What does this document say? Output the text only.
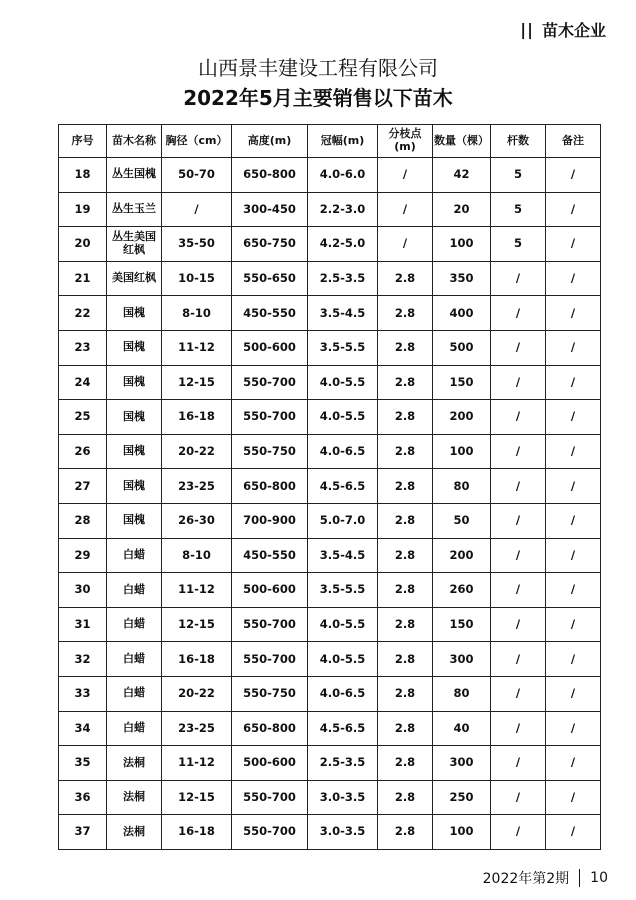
|| 苗木企业
山西景丰建设工程有限公司
2022年5月主要销售以下苗木
序号	苗木名称	胸径（cm）	高度(m)	冠幅(m)	分枝点(m)	数量（棵）	杆数	备注
18	丛生国槐	50-70	650-800	4.0-6.0	/	42	5	/
19	丛生玉兰	/	300-450	2.2-3.0	/	20	5	/
20	丛生美国红枫	35-50	650-750	4.2-5.0	/	100	5	/
21	美国红枫	10-15	550-650	2.5-3.5	2.8	350	/	/
22	国槐	8-10	450-550	3.5-4.5	2.8	400	/	/
23	国槐	11-12	500-600	3.5-5.5	2.8	500	/	/
24	国槐	12-15	550-700	4.0-5.5	2.8	150	/	/
25	国槐	16-18	550-700	4.0-5.5	2.8	200	/	/
26	国槐	20-22	550-750	4.0-6.5	2.8	100	/	/
27	国槐	23-25	650-800	4.5-6.5	2.8	80	/	/
28	国槐	26-30	700-900	5.0-7.0	2.8	50	/	/
29	白蜡	8-10	450-550	3.5-4.5	2.8	200	/	/
30	白蜡	11-12	500-600	3.5-5.5	2.8	260	/	/
31	白蜡	12-15	550-700	4.0-5.5	2.8	150	/	/
32	白蜡	16-18	550-700	4.0-5.5	2.8	300	/	/
33	白蜡	20-22	550-750	4.0-6.5	2.8	80	/	/
34	白蜡	23-25	650-800	4.5-6.5	2.8	40	/	/
35	法桐	11-12	500-600	2.5-3.5	2.8	300	/	/
36	法桐	12-15	550-700	3.0-3.5	2.8	250	/	/
37	法桐	16-18	550-700	3.0-3.5	2.8	100	/	/
2022年第2期 10
